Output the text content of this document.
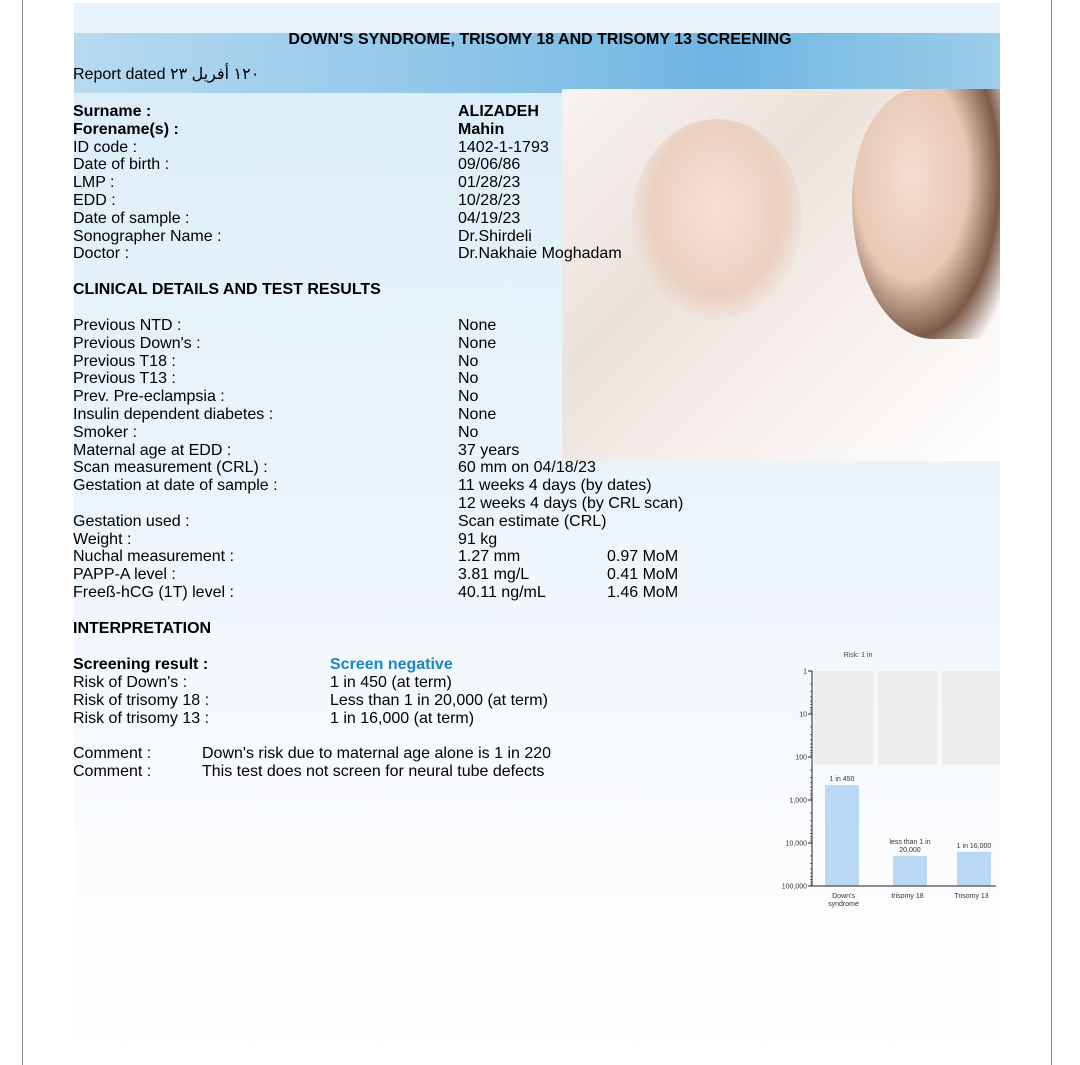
DOWN'S SYNDROME, TRISOMY 18 AND TRISOMY 13 SCREENING
Report dated ١٢٠ أفريل ٢٣
Surname :	ALIZADEH
Forename(s) :	Mahin
ID code :	1402-1-1793
Date of birth :	09/06/86
LMP :	01/28/23
EDD :	10/28/23
Date of sample :	04/19/23
Sonographer Name :	Dr.Shirdeli
Doctor :	Dr.Nakhaie Moghadam
CLINICAL DETAILS AND TEST RESULTS
Previous NTD :	None
Previous Down's :	None
Previous T18 :	No
Previous T13 :	No
Prev. Pre-eclampsia :	No
Insulin dependent diabetes :	None
Smoker :	No
Maternal age at EDD :	37 years
Scan measurement (CRL) :	60 mm on 04/18/23
Gestation at date of sample :	11 weeks 4 days (by dates)
12 weeks 4 days (by CRL scan)
Gestation used :	Scan estimate (CRL)
Weight :	91 kg
Nuchal measurement :	1.27 mm	0.97 MoM
PAPP-A level :	3.81 mg/L	0.41 MoM
Freeß-hCG (1T) level :	40.11 ng/mL	1.46 MoM
INTERPRETATION
Screening result :	Screen negative
Risk of Down's :	1 in 450 (at term)
Risk of trisomy 18 :	Less than 1 in 20,000 (at term)
Risk of trisomy 13 :	1 in 16,000 (at term)
Comment :	Down's risk due to maternal age alone is 1 in 220
Comment :	This test does not screen for neural tube defects
Risk: 1 in
1 in 450
Down's
syndrome
less than 1 in
20,000
trisomy 18
1 in 16,000
Trisomy 13
1
10
100
1,000
10,000
100,000
